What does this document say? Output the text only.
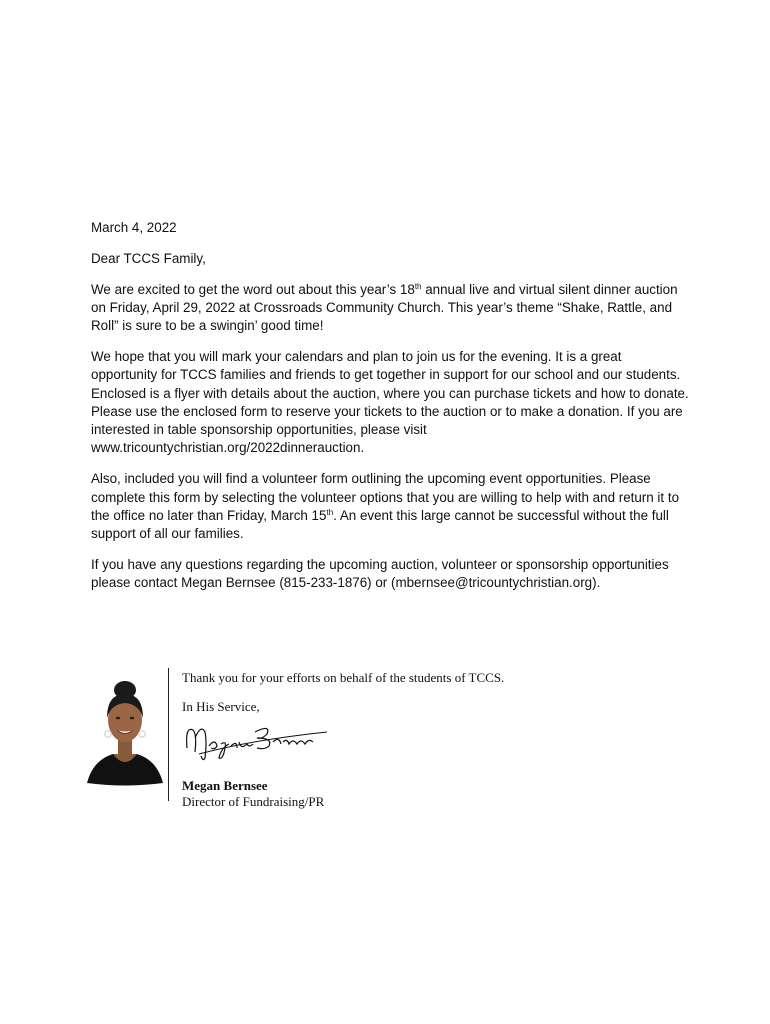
March 4, 2022

Dear TCCS Family,

We are excited to get the word out about this year’s 18th annual live and virtual silent dinner auction on Friday, April 29, 2022 at Crossroads Community Church. This year’s theme “Shake, Rattle, and Roll” is sure to be a swingin’ good time!

We hope that you will mark your calendars and plan to join us for the evening. It is a great opportunity for TCCS families and friends to get together in support for our school and our students. Enclosed is a flyer with details about the auction, where you can purchase tickets and how to donate. Please use the enclosed form to reserve your tickets to the auction or to make a donation. If you are interested in table sponsorship opportunities, please visit www.tricountychristian.org/2022dinnerauction.

Also, included you will find a volunteer form outlining the upcoming event opportunities. Please complete this form by selecting the volunteer options that you are willing to help with and return it to the office no later than Friday, March 15th. An event this large cannot be successful without the full support of all our families.

If you have any questions regarding the upcoming auction, volunteer or sponsorship opportunities please contact Megan Bernsee (815-233-1876) or (mbernsee@tricountychristian.org).

Thank you for your efforts on behalf of the students of TCCS.
In His Service,
Megan Bernsee
Director of Fundraising/PR
